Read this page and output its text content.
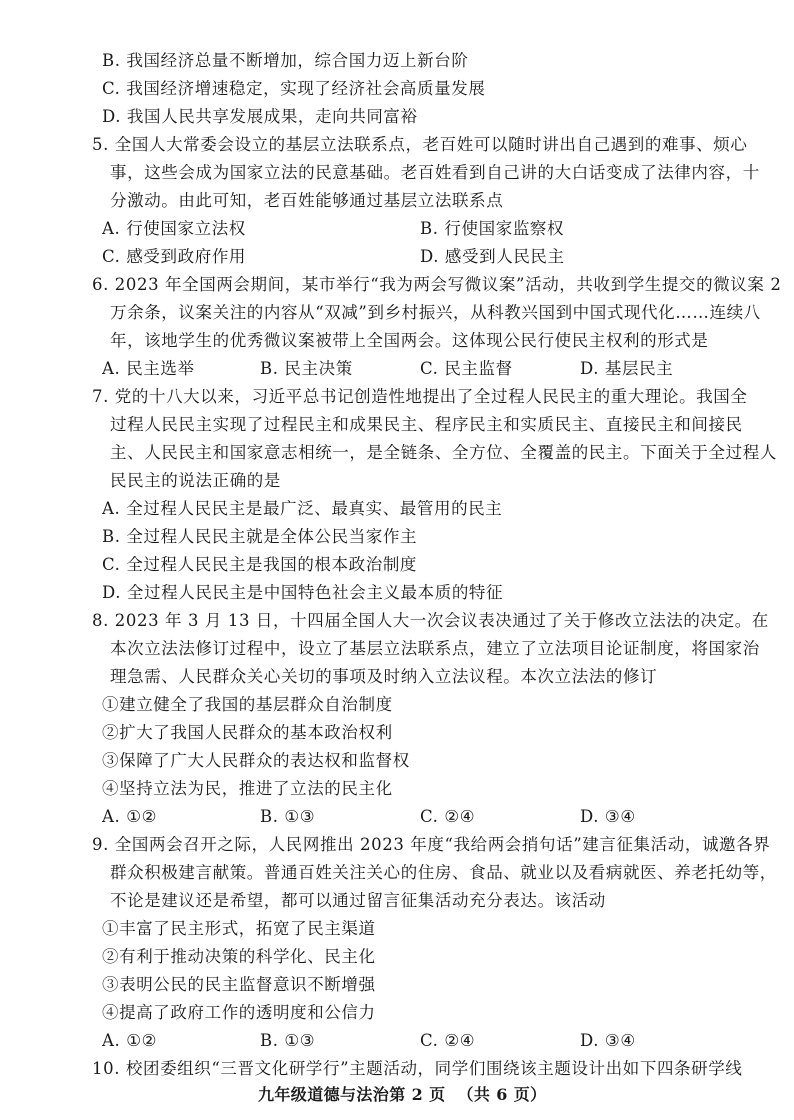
B. 我国经济总量不断增加，综合国力迈上新台阶
C. 我国经济增速稳定，实现了经济社会高质量发展
D. 我国人民共享发展成果，走向共同富裕
5. 全国人大常委会设立的基层立法联系点，老百姓可以随时讲出自己遇到的难事、烦心
事，这些会成为国家立法的民意基础。老百姓看到自己讲的大白话变成了法律内容，十
分激动。由此可知，老百姓能够通过基层立法联系点
A. 行使国家立法权	B. 行使国家监察权
C. 感受到政府作用	D. 感受到人民民主
6. 2023 年全国两会期间，某市举行“我为两会写微议案”活动，共收到学生提交的微议案 2
万余条，议案关注的内容从“双减”到乡村振兴，从科教兴国到中国式现代化……连续八
年，该地学生的优秀微议案被带上全国两会。这体现公民行使民主权利的形式是
A. 民主选举	B. 民主决策	C. 民主监督	D. 基层民主
7. 党的十八大以来，习近平总书记创造性地提出了全过程人民民主的重大理论。我国全
过程人民民主实现了过程民主和成果民主、程序民主和实质民主、直接民主和间接民
主、人民民主和国家意志相统一，是全链条、全方位、全覆盖的民主。下面关于全过程人
民民主的说法正确的是
A. 全过程人民民主是最广泛、最真实、最管用的民主
B. 全过程人民民主就是全体公民当家作主
C. 全过程人民民主是我国的根本政治制度
D. 全过程人民民主是中国特色社会主义最本质的特征
8. 2023 年 3 月 13 日，十四届全国人大一次会议表决通过了关于修改立法法的决定。在
本次立法法修订过程中，设立了基层立法联系点，建立了立法项目论证制度，将国家治
理急需、人民群众关心关切的事项及时纳入立法议程。本次立法法的修订
①建立健全了我国的基层群众自治制度
②扩大了我国人民群众的基本政治权利
③保障了广大人民群众的表达权和监督权
④坚持立法为民，推进了立法的民主化
A. ①②	B. ①③	C. ②④	D. ③④
9. 全国两会召开之际，人民网推出 2023 年度“我给两会捎句话”建言征集活动，诚邀各界
群众积极建言献策。普通百姓关注关心的住房、食品、就业以及看病就医、养老托幼等，
不论是建议还是希望，都可以通过留言征集活动充分表达。该活动
①丰富了民主形式，拓宽了民主渠道
②有利于推动决策的科学化、民主化
③表明公民的民主监督意识不断增强
④提高了政府工作的透明度和公信力
A. ①②	B. ①③	C. ②④	D. ③④
10. 校团委组织“三晋文化研学行”主题活动，同学们围绕该主题设计出如下四条研学线
九年级道德与法治第 2 页 （共 6 页）
